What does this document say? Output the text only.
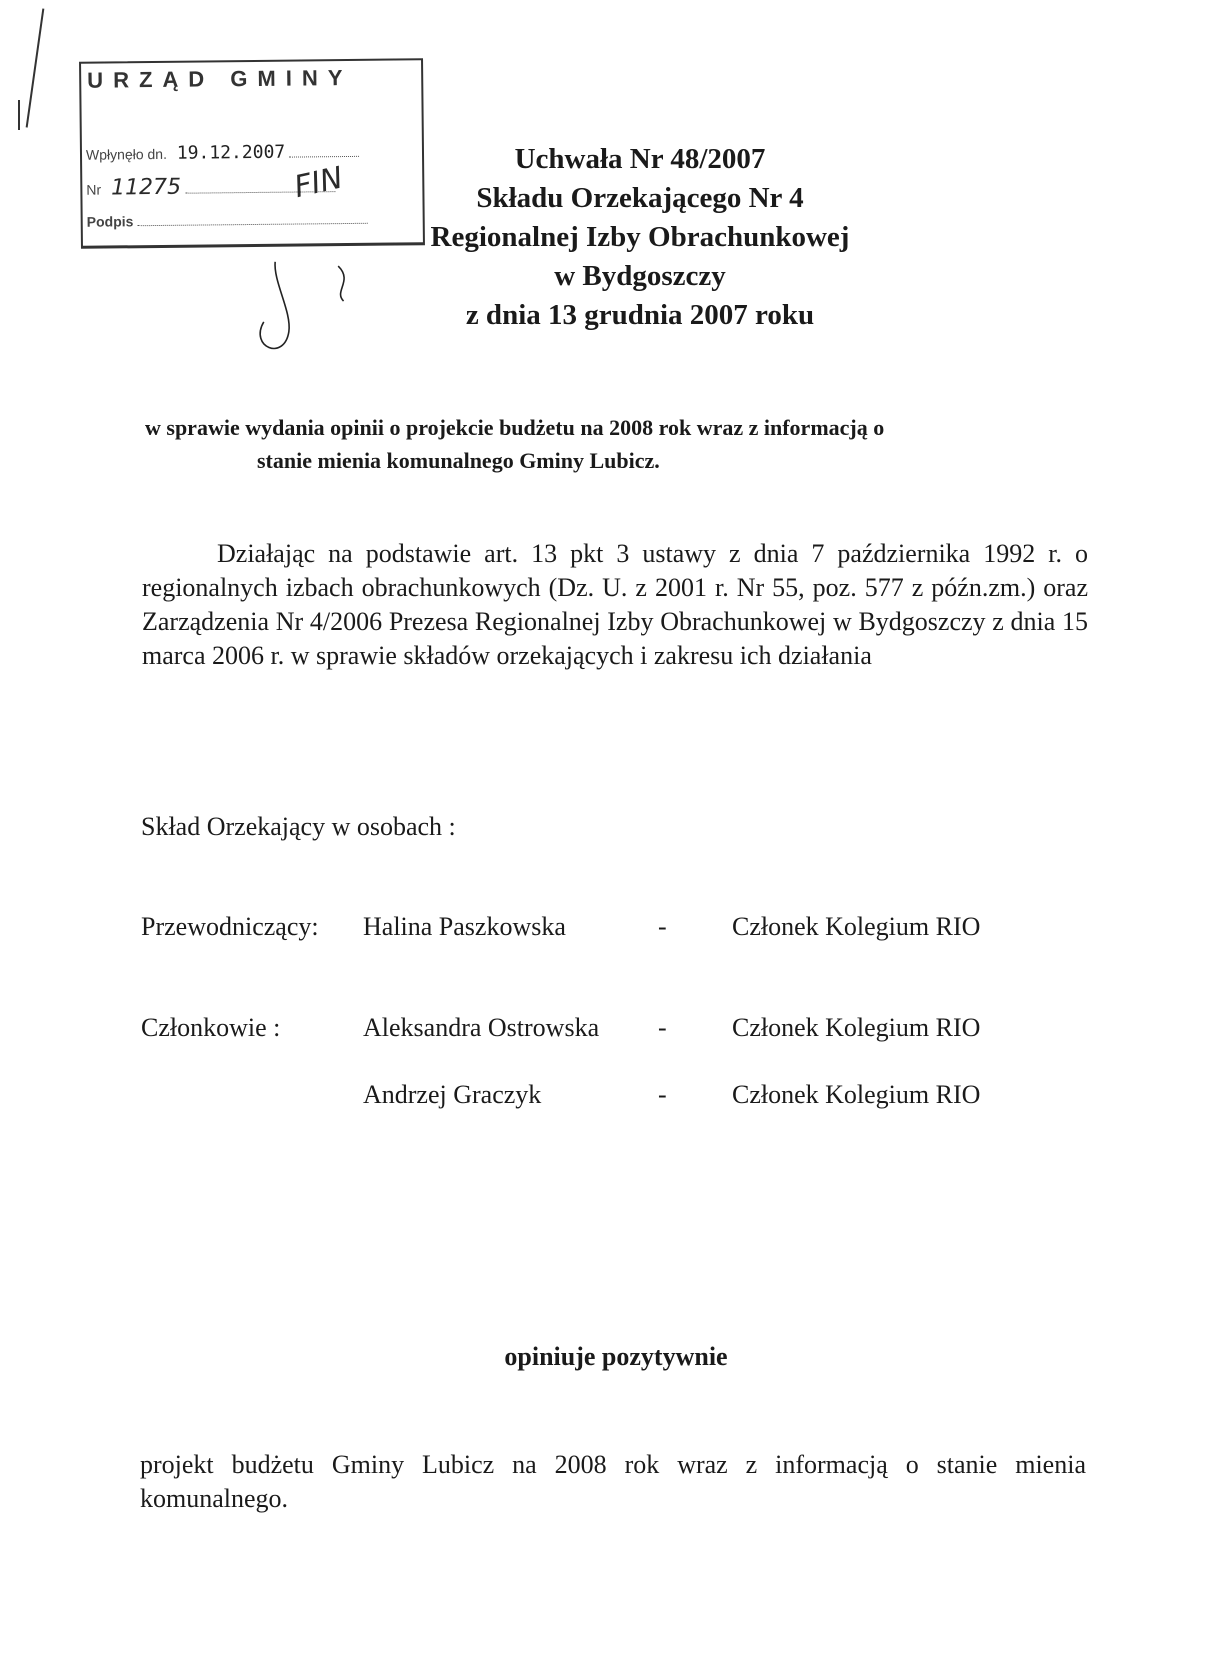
URZĄD GMINY
Wpłynęło dn. 19.12.2007
Nr 11275
Podpis
FIN
Uchwała Nr 48/2007
Składu Orzekającego Nr 4
Regionalnej Izby Obrachunkowej
w Bydgoszczy
z dnia 13 grudnia 2007 roku
w sprawie wydania opinii o projekcie budżetu na 2008 rok wraz z informacją o
stanie mienia komunalnego Gminy Lubicz.
Działając na podstawie art. 13 pkt 3 ustawy z dnia 7 października 1992 r. o regionalnych izbach obrachunkowych (Dz. U. z 2001 r. Nr 55, poz. 577 z późn.zm.) oraz Zarządzenia Nr 4/2006 Prezesa Regionalnej Izby Obrachunkowej w Bydgoszczy z dnia 15 marca 2006 r. w sprawie składów orzekających i zakresu ich działania
Skład Orzekający w osobach :
Przewodniczący: Halina Paszkowska	-	Członek Kolegium RIO
Członkowie :	Aleksandra Ostrowska -	Członek Kolegium RIO
Andrzej Graczyk	-	Członek Kolegium RIO
opiniuje pozytywnie
projekt budżetu Gminy Lubicz na 2008 rok wraz z informacją o stanie mienia komunalnego.
